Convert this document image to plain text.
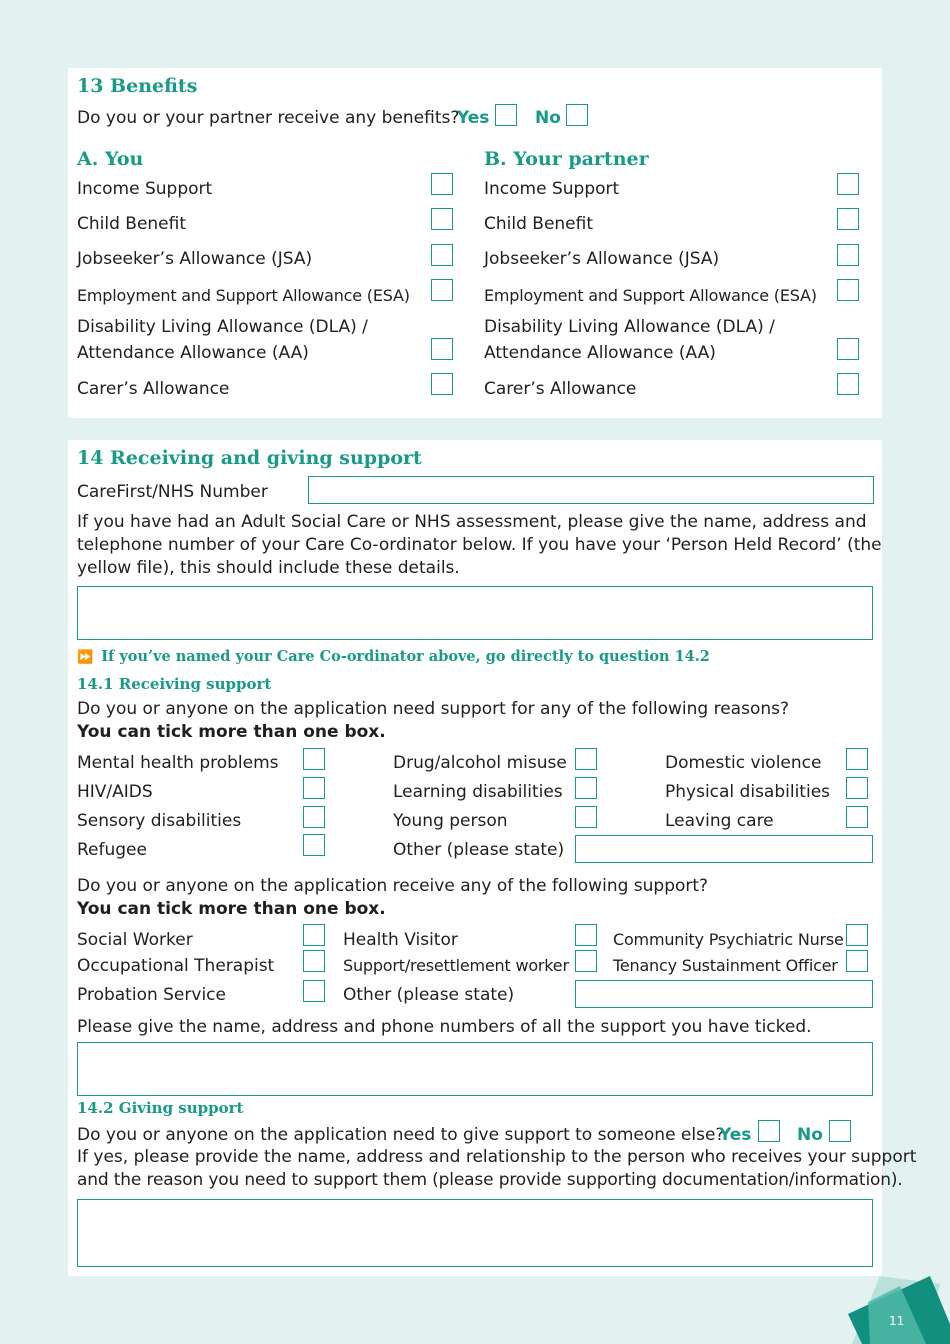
13 Benefits
Do you or your partner receive any benefits?
Yes	No
A. You
Income Support
Child Benefit
Jobseeker’s Allowance (JSA)
Employment and Support Allowance (ESA)
Disability Living Allowance (DLA) /
Attendance Allowance (AA)
Carer’s Allowance
B. Your partner
Income Support
Child Benefit
Jobseeker’s Allowance (JSA)
Employment and Support Allowance (ESA)
Disability Living Allowance (DLA) /
Attendance Allowance (AA)
Carer’s Allowance
14 Receiving and giving support
CareFirst/NHS Number
If you have had an Adult Social Care or NHS assessment, please give the name, address and
telephone number of your Care Co-ordinator below. If you have your ‘Person Held Record’ (the
yellow file), this should include these details.
⏩ If you’ve named your Care Co-ordinator above, go directly to question 14.2
14.1 Receiving support
Do you or anyone on the application need support for any of the following reasons?
You can tick more than one box.
Mental health problems
HIV/AIDS
Sensory disabilities
Refugee
Drug/alcohol misuse
Learning disabilities
Young person
Other (please state)
Domestic violence
Physical disabilities
Leaving care
Do you or anyone on the application receive any of the following support?
You can tick more than one box.
Social Worker
Occupational Therapist
Probation Service
Health Visitor
Support/resettlement worker
Other (please state)
Community Psychiatric Nurse
Tenancy Sustainment Officer
Please give the name, address and phone numbers of all the support you have ticked.
14.2 Giving support
Do you or anyone on the application need to give support to someone else?
Yes	No
If yes, please provide the name, address and relationship to the person who receives your support
and the reason you need to support them (please provide supporting documentation/information).
11
